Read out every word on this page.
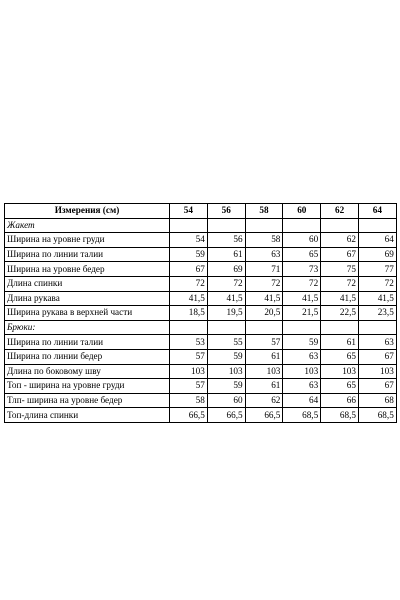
Измерения (см)	54	56	58	60	62	64
Жакет						
Ширина на уровне груди	54	56	58	60	62	64
Ширина по линии талии	59	61	63	65	67	69
Ширина на уровне бедер	67	69	71	73	75	77
Длина спинки	72	72	72	72	72	72
Длина рукава	41,5	41,5	41,5	41,5	41,5	41,5
Ширина рукава в верхней части	18,5	19,5	20,5	21,5	22,5	23,5
Брюки:						
Ширина по линии талии	53	55	57	59	61	63
Ширина по линии бедер	57	59	61	63	65	67
Длина по боковому шву	103	103	103	103	103	103
Топ - ширина на уровне груди	57	59	61	63	65	67
Тлп- ширина на уровне бедер	58	60	62	64	66	68
Топ-длина спинки	66,5	66,5	66,5	68,5	68,5	68,5
